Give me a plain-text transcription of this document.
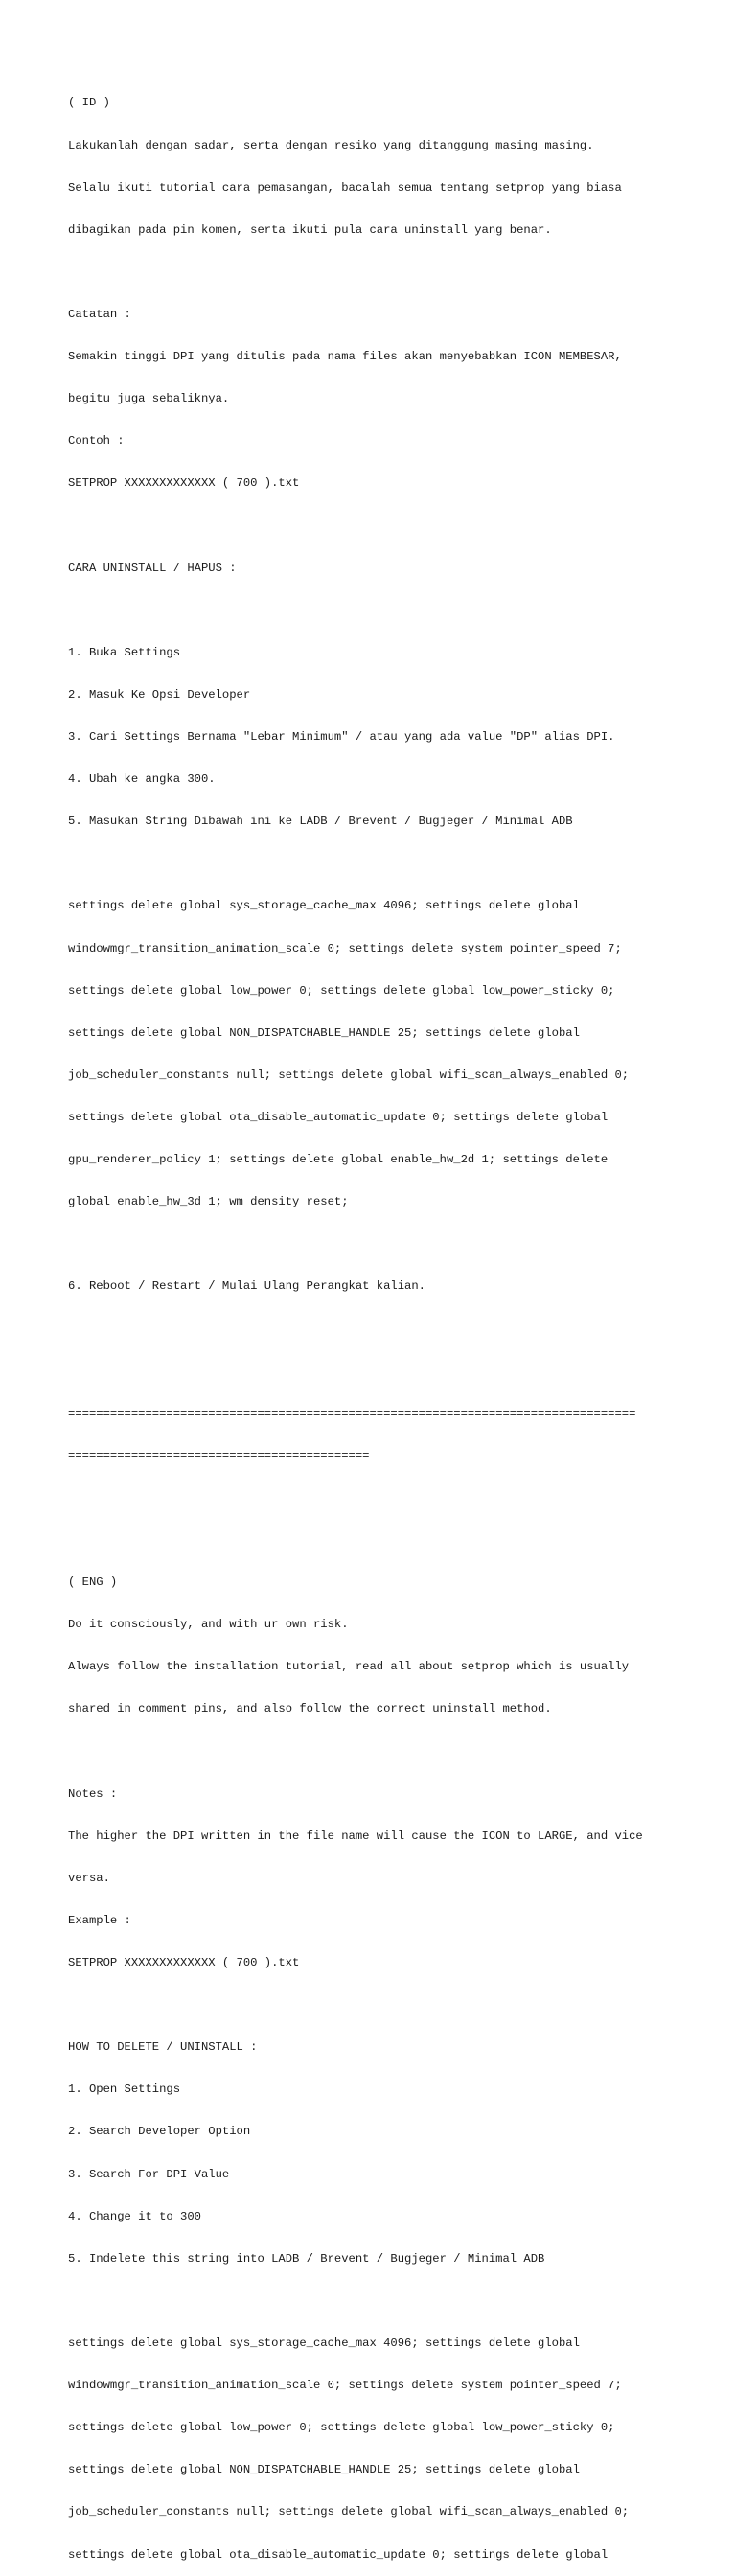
( ID )

Lakukanlah dengan sadar, serta dengan resiko yang ditanggung masing masing.

Selalu ikuti tutorial cara pemasangan, bacalah semua tentang setprop yang biasa

dibagikan pada pin komen, serta ikuti pula cara uninstall yang benar.

Catatan :

Semakin tinggi DPI yang ditulis pada nama files akan menyebabkan ICON MEMBESAR,

begitu juga sebaliknya.

Contoh :

SETPROP XXXXXXXXXXXXX ( 700 ).txt

CARA UNINSTALL / HAPUS :

1. Buka Settings

2. Masuk Ke Opsi Developer

3. Cari Settings Bernama "Lebar Minimum" / atau yang ada value "DP" alias DPI.

4. Ubah ke angka 300.

5. Masukan String Dibawah ini ke LADB / Brevent / Bugjeger / Minimal ADB

settings delete global sys_storage_cache_max 4096; settings delete global

windowmgr_transition_animation_scale 0; settings delete system pointer_speed 7;

settings delete global low_power 0; settings delete global low_power_sticky 0;

settings delete global NON_DISPATCHABLE_HANDLE 25; settings delete global

job_scheduler_constants null; settings delete global wifi_scan_always_enabled 0;

settings delete global ota_disable_automatic_update 0; settings delete global

gpu_renderer_policy 1; settings delete global enable_hw_2d 1; settings delete

global enable_hw_3d 1; wm density reset;

6. Reboot / Restart / Mulai Ulang Perangkat kalian.

=================================================================================

===========================================

( ENG )

Do it consciously, and with ur own risk.

Always follow the installation tutorial, read all about setprop which is usually

shared in comment pins, and also follow the correct uninstall method.

Notes :

The higher the DPI written in the file name will cause the ICON to LARGE, and vice

versa.

Example :

SETPROP XXXXXXXXXXXXX ( 700 ).txt

HOW TO DELETE / UNINSTALL :

1. Open Settings

2. Search Developer Option

3. Search For DPI Value

4. Change it to 300

5. Indelete this string into LADB / Brevent / Bugjeger / Minimal ADB

settings delete global sys_storage_cache_max 4096; settings delete global

windowmgr_transition_animation_scale 0; settings delete system pointer_speed 7;

settings delete global low_power 0; settings delete global low_power_sticky 0;

settings delete global NON_DISPATCHABLE_HANDLE 25; settings delete global

job_scheduler_constants null; settings delete global wifi_scan_always_enabled 0;

settings delete global ota_disable_automatic_update 0; settings delete global
